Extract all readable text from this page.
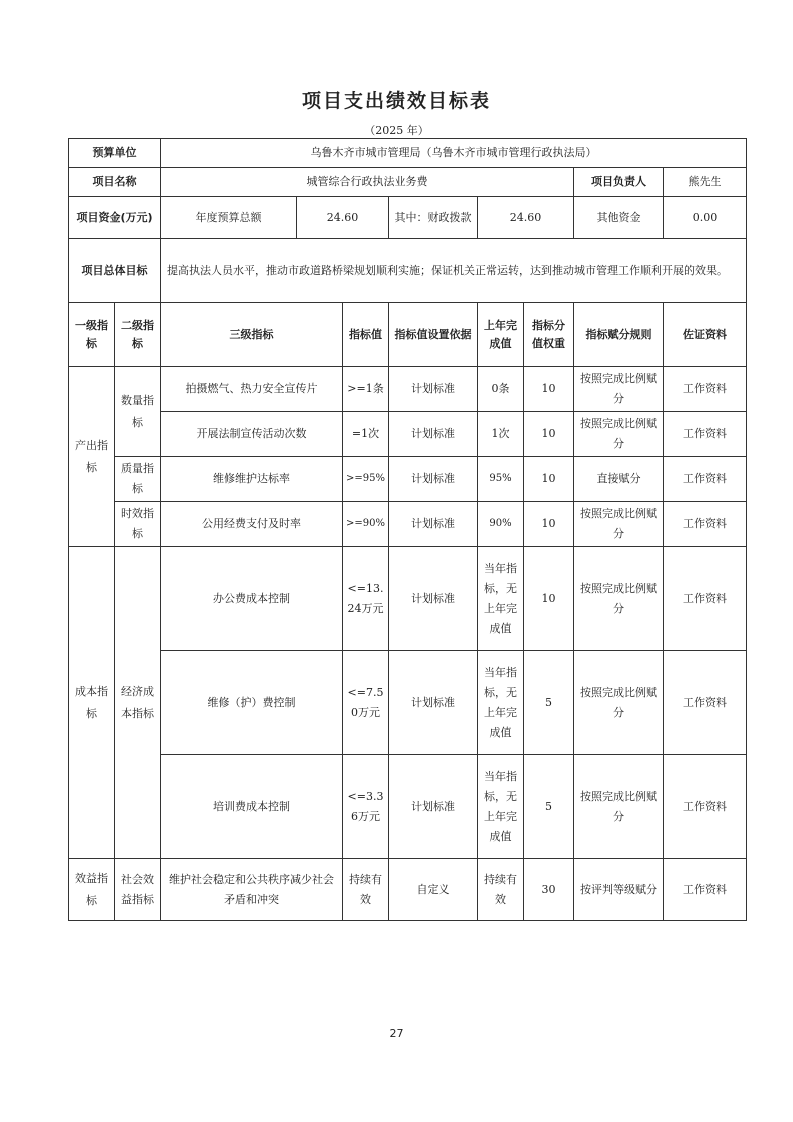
项目支出绩效目标表
（2025 年）
预算单位		乌鲁木齐市城市管理局（乌鲁木齐市城市管理行政执法局）							
项目名称		城管综合行政执法业务费						项目负责人	熊先生
项目资金(万元)		年度预算总额	24.60		其中：财政拨款	24.60		其他资金	0.00
项目总体目标		提高执法人员水平，推动市政道路桥梁规划顺利实施；保证机关正常运转，达到推动城市管理工作顺利开展的效果。							
一级指标	二级指标	三级指标		指标值	指标值设置依据	上年完成值	指标分值权重	指标赋分规则	佐证资料
产出指标	数量指标	拍摄燃气、热力安全宣传片		>=1条	计划标准	0条	10	按照完成比例赋分	工作资料
		开展法制宣传活动次数		=1次	计划标准	1次	10	按照完成比例赋分	工作资料
	质量指标	维修维护达标率		>=95%	计划标准	95%	10	直接赋分	工作资料
	时效指标	公用经费支付及时率		>=90%	计划标准	90%	10	按照完成比例赋分	工作资料
成本指标	经济成本指标	办公费成本控制		<=13.24万元	计划标准	当年指标，无上年完成值	10	按照完成比例赋分	工作资料
		维修（护）费控制		<=7.50万元	计划标准	当年指标，无上年完成值	5	按照完成比例赋分	工作资料
		培训费成本控制		<=3.36万元	计划标准	当年指标，无上年完成值	5	按照完成比例赋分	工作资料
效益指标	社会效益指标	维护社会稳定和公共秩序减少社会矛盾和冲突		持续有效	自定义	持续有效	30	按评判等级赋分	工作资料
27
